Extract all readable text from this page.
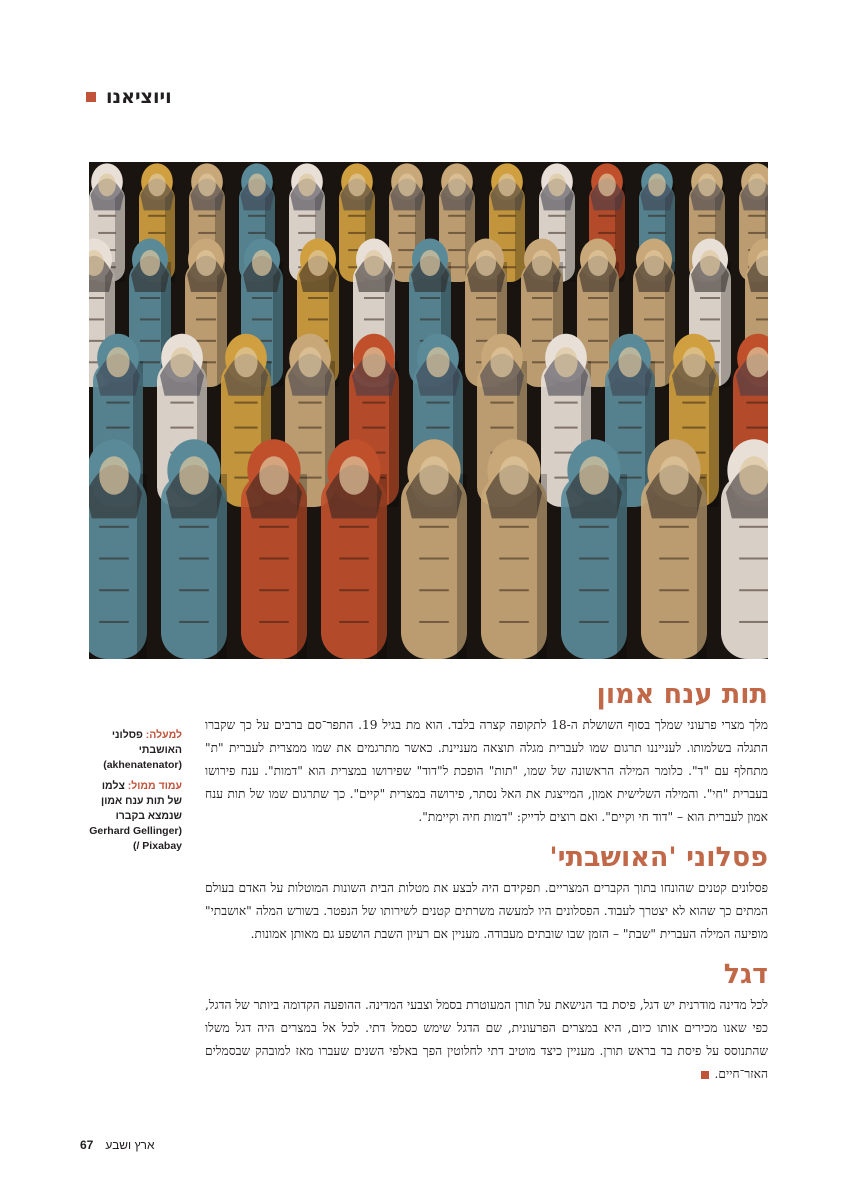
ויוציאנו
תות ענח אמון

מלך מצרי פרעוני שמלך בסוף השושלת ה-18 לתקופה קצרה בלבד. הוא מת בגיל 19. התפר־סם ברבים על כך שקברו התגלה בשלמותו. לענייננו תרגום שמו לעברית מגלה תוצאה מעניינת. כאשר מתרגמים את שמו ממצרית לעברית "ת" מתחלף עם "ד". כלומר המילה הראשונה של שמו, "תות" הופכת ל"דוד" שפירושו במצרית הוא "דמות". ענח פירושו בעברית "חי". והמילה השלישית אמון, המייצגת את האל נסתר, פירושה במצרית "קיים". כך שתרגום שמו של תות ענח אמון לעברית הוא – "דוד חי וקיים". ואם רוצים לדייק: "דמות חיה וקיימת".

פסלוני 'האושבתי'

פסלונים קטנים שהונחו בתוך הקברים המצריים. תפקידם היה לבצע את מטלות הבית השונות המוטלות על האדם בעולם המתים כך שהוא לא יצטרך לעבוד. הפסלונים היו למעשה משרתים קטנים לשירותו של הנפטר. בשורש המלה "אושבתי" מופיעה המילה העברית "שבת" – הזמן שבו שובתים מעבודה. מעניין אם רעיון השבת הושפע גם מאותן אמונות.

דגל

לכל מדינה מודרנית יש דגל, פיסת בד הנישאת על תורן המעוטרת בסמל וצבעי המדינה. ההופעה הקדומה ביותר של הדגל, כפי שאנו מכירים אותו כיום, היא במצרים הפרעונית, שם הדגל שימש כסמל דתי. לכל אל במצרים היה דגל משלו שהתנוסס על פיסת בד בראש תורן. מעניין כיצד מוטיב דתי לחלוטין הפך באלפי השנים שעברו מאז למובהק שבסמלים האזר־חיים.

למעלה: פסלוני האושבתי (akhenatenator)
עמוד ממול: צלמו של תות ענח אמון שנמצא בקברו (Gerhard Gellinger / Pixabay)
ארץ ושבע
67
